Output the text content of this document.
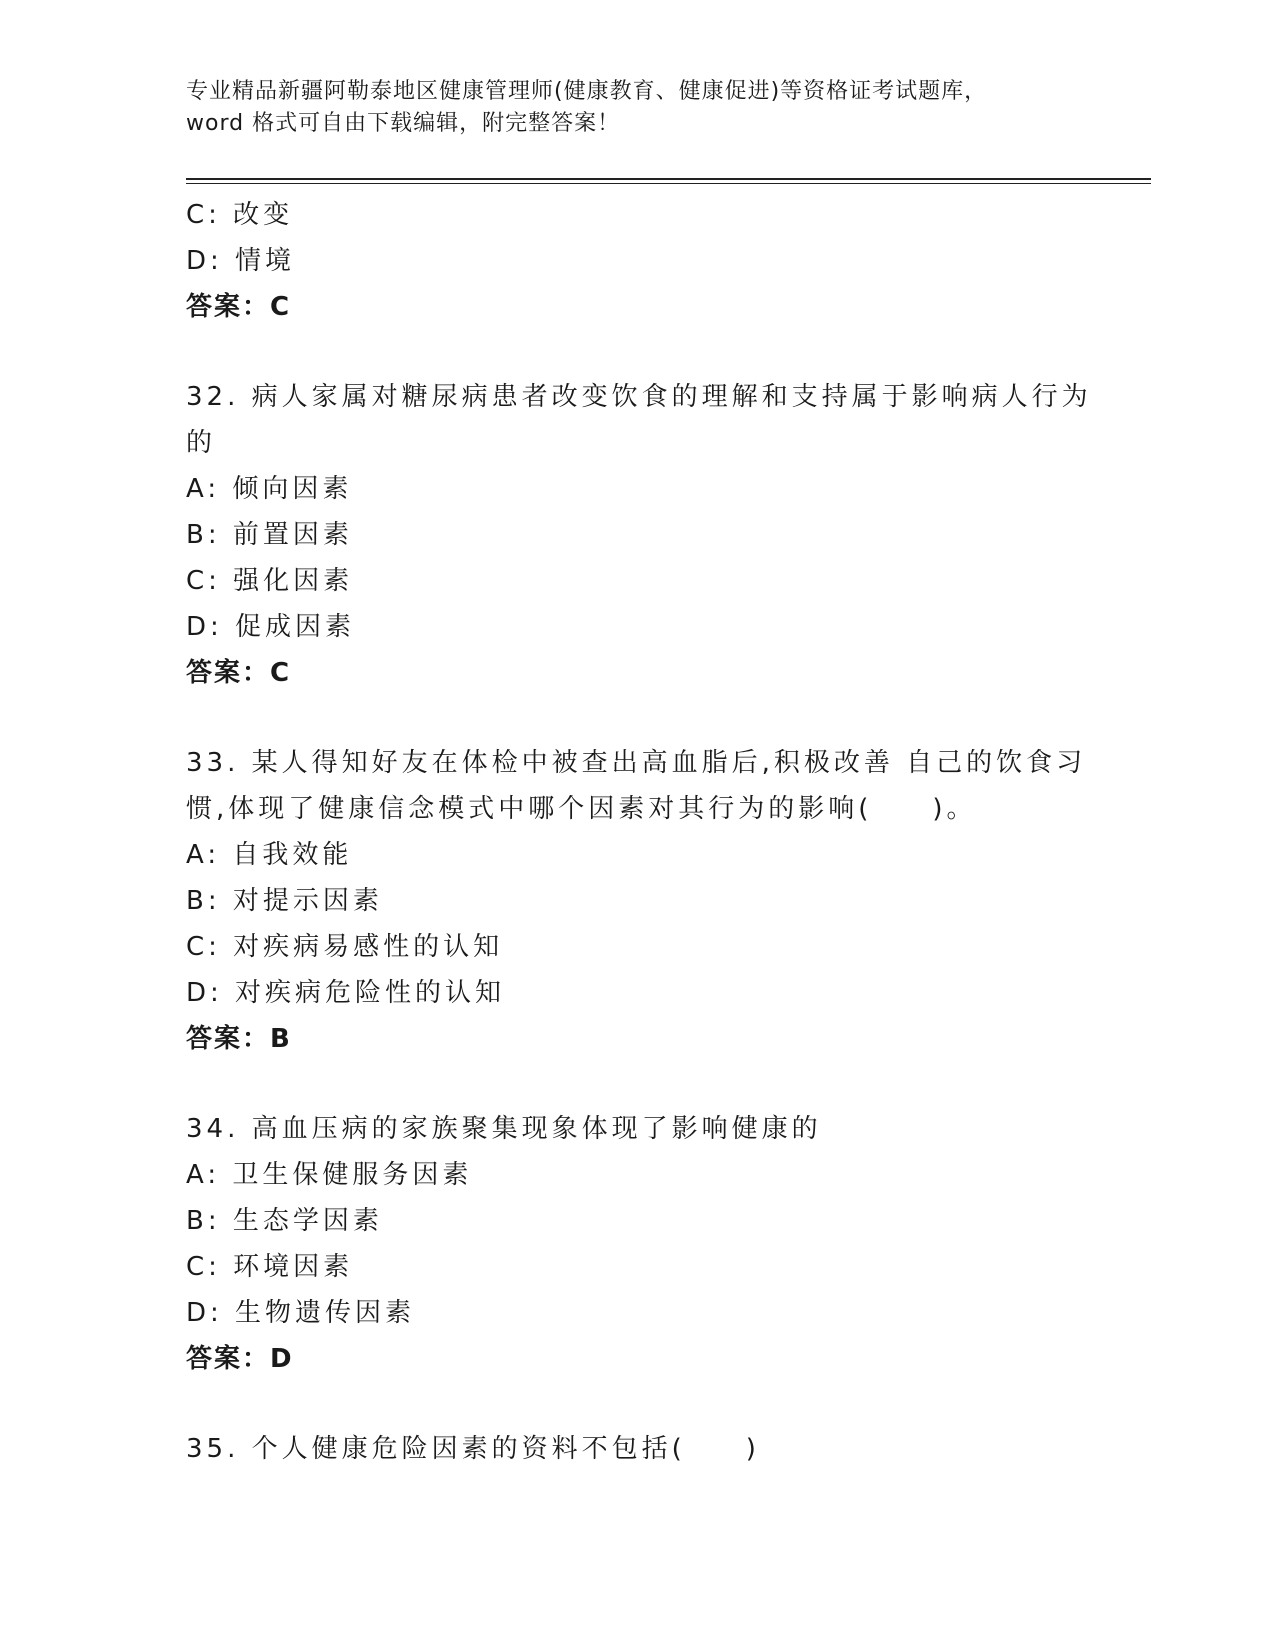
专业精品新疆阿勒泰地区健康管理师(健康教育、健康促进)等资格证考试题库，
word 格式可自由下载编辑，附完整答案！
C: 改变
D: 情境
答案：C
32. 病人家属对糖尿病患者改变饮食的理解和支持属于影响病人行为
的
A: 倾向因素
B: 前置因素
C: 强化因素
D: 促成因素
答案：C
33. 某人得知好友在体检中被查出高血脂后,积极改善 自己的饮食习
惯,体现了健康信念模式中哪个因素对其行为的影响(　　)。
A: 自我效能
B: 对提示因素
C: 对疾病易感性的认知
D: 对疾病危险性的认知
答案：B
34. 高血压病的家族聚集现象体现了影响健康的
A: 卫生保健服务因素
B: 生态学因素
C: 环境因素
D: 生物遗传因素
答案：D
35. 个人健康危险因素的资料不包括(　　)
